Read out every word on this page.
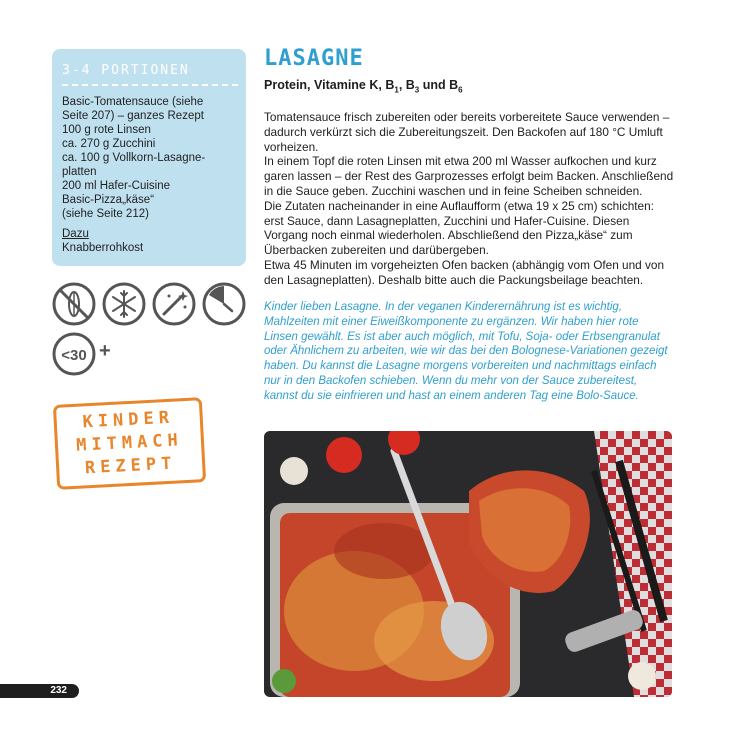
3-4 PORTIONEN
Basic-Tomatensauce (siehe
Seite 207) – ganzes Rezept
100 g rote Linsen
ca. 270 g Zucchini
ca. 100 g Vollkorn-Lasagne-
platten
200 ml Hafer-Cuisine
Basic-Pizza„käse“
(siehe Seite 212)
Dazu
Knabberrohkost
<30 +
KINDER
MITMACH
REZEPT
LASAGNE
Protein, Vitamine K, $B_1$, $B_3$ und $B_6$

Tomatensauce frisch zubereiten oder bereits vorbereitete Sauce verwenden – dadurch verkürzt sich die Zubereitungszeit. Den Backofen auf 180 °C Umluft vorheizen.

In einem Topf die roten Linsen mit etwa 200 ml Wasser aufkochen und kurz garen lassen – der Rest des Garprozesses erfolgt beim Backen. Anschließend in die Sauce geben. Zucchini waschen und in feine Scheiben schneiden.

Die Zutaten nacheinander in eine Auflaufform (etwa 19 x 25 cm) schichten: erst Sauce, dann Lasagneplatten, Zucchini und Hafer-Cuisine. Diesen Vorgang noch einmal wiederholen. Abschließend den Pizza„käse“ zum Überbacken zubereiten und darübergeben.

Etwa 45 Minuten im vorgeheizten Ofen backen (abhängig vom Ofen und von den Lasagneplatten). Deshalb bitte auch die Packungsbeilage beachten.

Kinder lieben Lasagne. In der veganen Kinderernährung ist es wichtig, Mahlzeiten mit einer Eiweißkomponente zu ergänzen. Wir haben hier rote Linsen gewählt. Es ist aber auch möglich, mit Tofu, Soja- oder Erbsengranulat oder Ähnlichem zu arbeiten, wie wir das bei den Bolognese-Variationen gezeigt haben. Du kannst die Lasagne morgens vorbereiten und nachmittags einfach nur in den Backofen schieben. Wenn du mehr von der Sauce zubereitest, kannst du sie einfrieren und hast an einem anderen Tag eine Bolo-Sauce.
232
